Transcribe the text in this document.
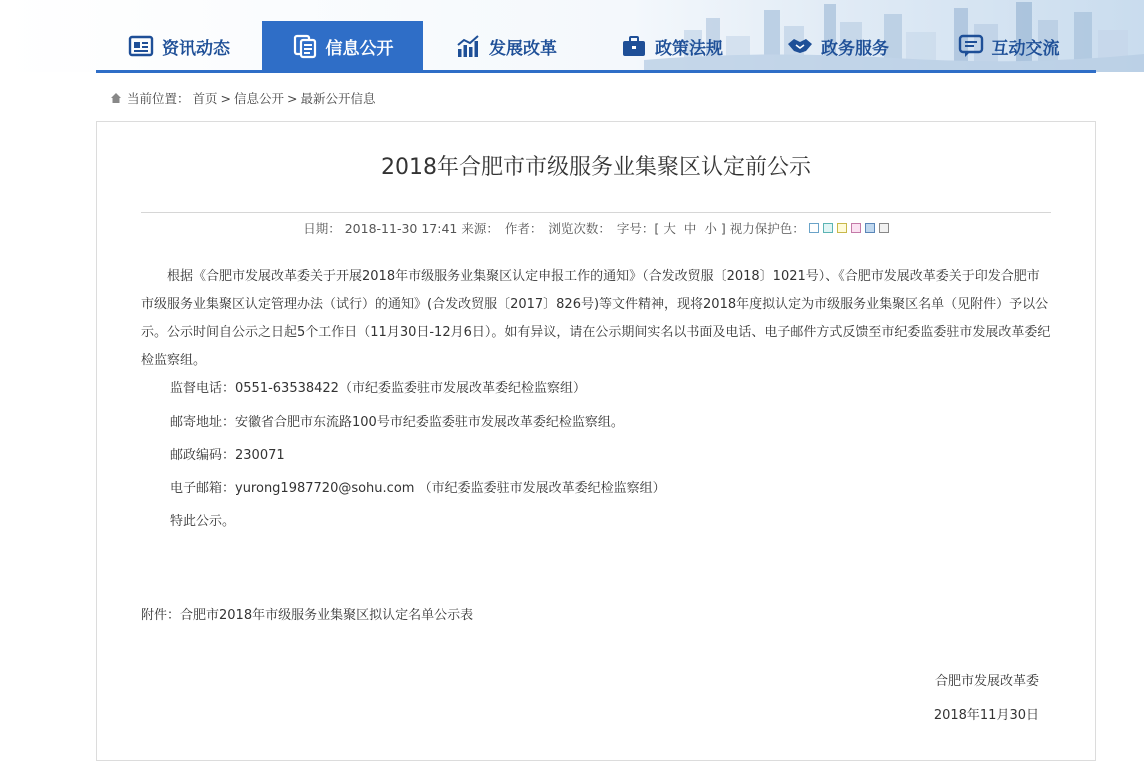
资讯动态	信息公开	发展改革	政策法规	政务服务	互动交流
当前位置： 首页 > 信息公开 > 最新公开信息
2018年合肥市市级服务业集聚区认定前公示
日期： 2018-11-30 17:41 来源： 作者： 浏览次数： 字号：[ 大 中 小 ] 视力保护色：

根据《合肥市发展改革委关于开展2018年市级服务业集聚区认定申报工作的通知》（合发改贸服〔2018〕1021号）、《合肥市发展改革委关于印发合肥市市级服务业集聚区认定管理办法（试行）的通知》(合发改贸服〔2017〕826号)等文件精神，现将2018年度拟认定为市级服务业集聚区名单（见附件）予以公示。公示时间自公示之日起5个工作日（11月30日-12月6日）。如有异议，请在公示期间实名以书面及电话、电子邮件方式反馈至市纪委监委驻市发展改革委纪检监察组。

监督电话：0551-63538422（市纪委监委驻市发展改革委纪检监察组）
邮寄地址：安徽省合肥市东流路100号市纪委监委驻市发展改革委纪检监察组。
邮政编码：230071
电子邮箱：yurong1987720@sohu.com （市纪委监委驻市发展改革委纪检监察组）
特此公示。
附件：合肥市2018年市级服务业集聚区拟认定名单公示表
合肥市发展改革委
2018年11月30日
